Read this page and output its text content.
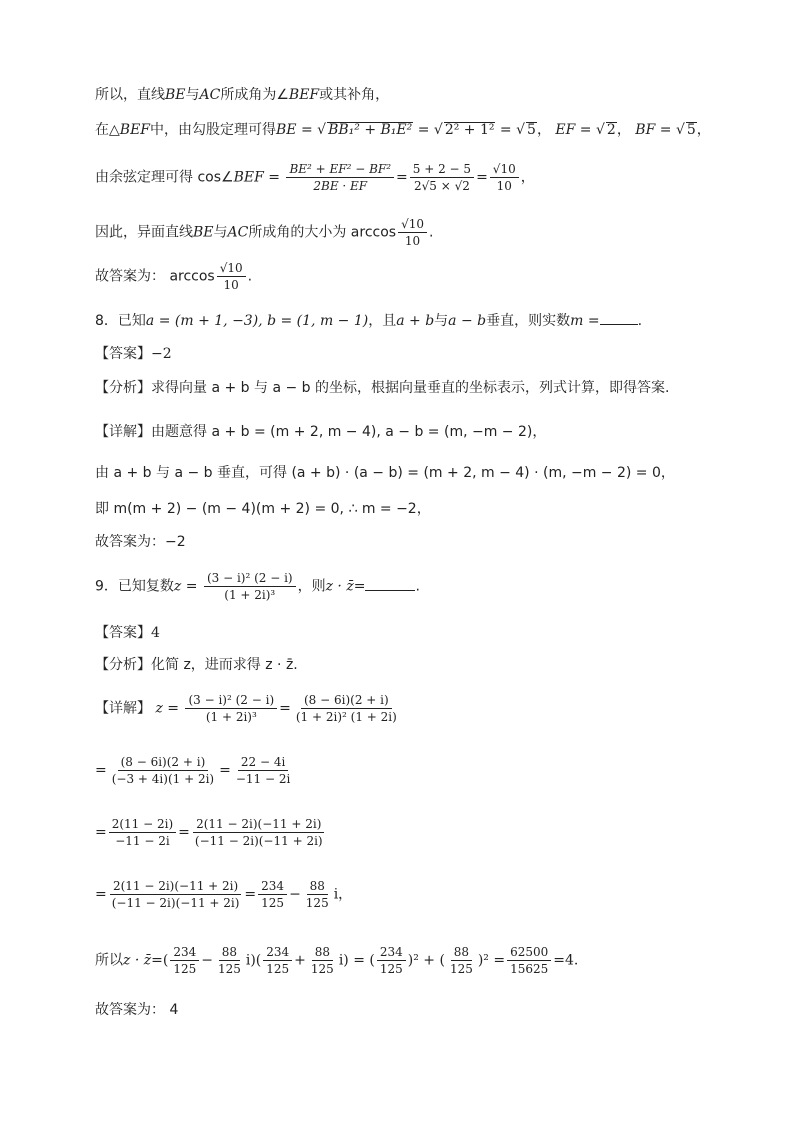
所以，直线BE与AC所成角为∠BEF或其补角，
在△BEF中，由勾股定理可得BE = √ BB₁² + B₁E² = √ 2² + 1² = √ 5， EF = √ 2， BF = √ 5，
由余弦定理可得 cos∠BEF = $\frac{\text{BE² + EF² − BF²}}{2BE \cdot EF} = \frac{5 + 2 - 5}{2√5 \times √2} = \frac{√10}{10}$ ，
因此，异面直线BE与AC所成角的大小为 $\arccos \frac{√10}{10}$ .
故答案为： $\arccos \frac{√10}{10}$ .
8．已知a = (m + 1, −3), b = (1, m − 1)，且a + b与a − b垂直，则实数m =	.
【答案】−2
【分析】求得向量 a + b 与 a − b 的坐标，根据向量垂直的坐标表示，列式计算，即得答案.
【详解】由题意得 a + b = (m + 2, m − 4), a − b = (m, −m − 2)，
由 a + b 与 a − b 垂直，可得 (a + b) · (a − b) = (m + 2, m − 4) · (m, −m − 2) = 0，
即 m(m + 2) − (m − 4)(m + 2) = 0, ∴ m = −2，
故答案为：−2
9．已知复数$z = \frac{\text{(3 − i)² (2 − i)}}{\text{(1 + 2i)³}}$ ，则z · z̄=	.
【答案】4
【分析】化简 z，进而求得 z · z̄.
【详解】 $z = \frac{\text{(3 − i)² (2 − i)}}{\text{(1 + 2i)³}} = \frac{(8 - 6i)(2 + i)}{\text{(1 + 2i)² (1 + 2i)}}$
= $\frac{(8 - 6i)(2 + i)}{(-3 + 4i)(1 + 2i)} = \frac{22 - 4i}{-11 - 2i}$
= $\frac{2(11 - 2i)}{-11 - 2i} = \frac{2(11 - 2i)(-11 + 2i)}{(-11 - 2i)(-11 + 2i)}$
= $\frac{2(11 - 2i)(-11 + 2i)}{(-11 - 2i)(-11 + 2i)} = \frac{234}{125} - \frac{88}{125}$ i，
所以z · z̄=( $\frac{234}{125} - \frac{88}{125} i)( \frac{234}{125} + \frac{88}{125} i)$ = ( $\frac{234}{125} )^2$ + ( $\frac{88}{125} )^2 = \frac{62500}{15625} =4$.
故答案为： 4
